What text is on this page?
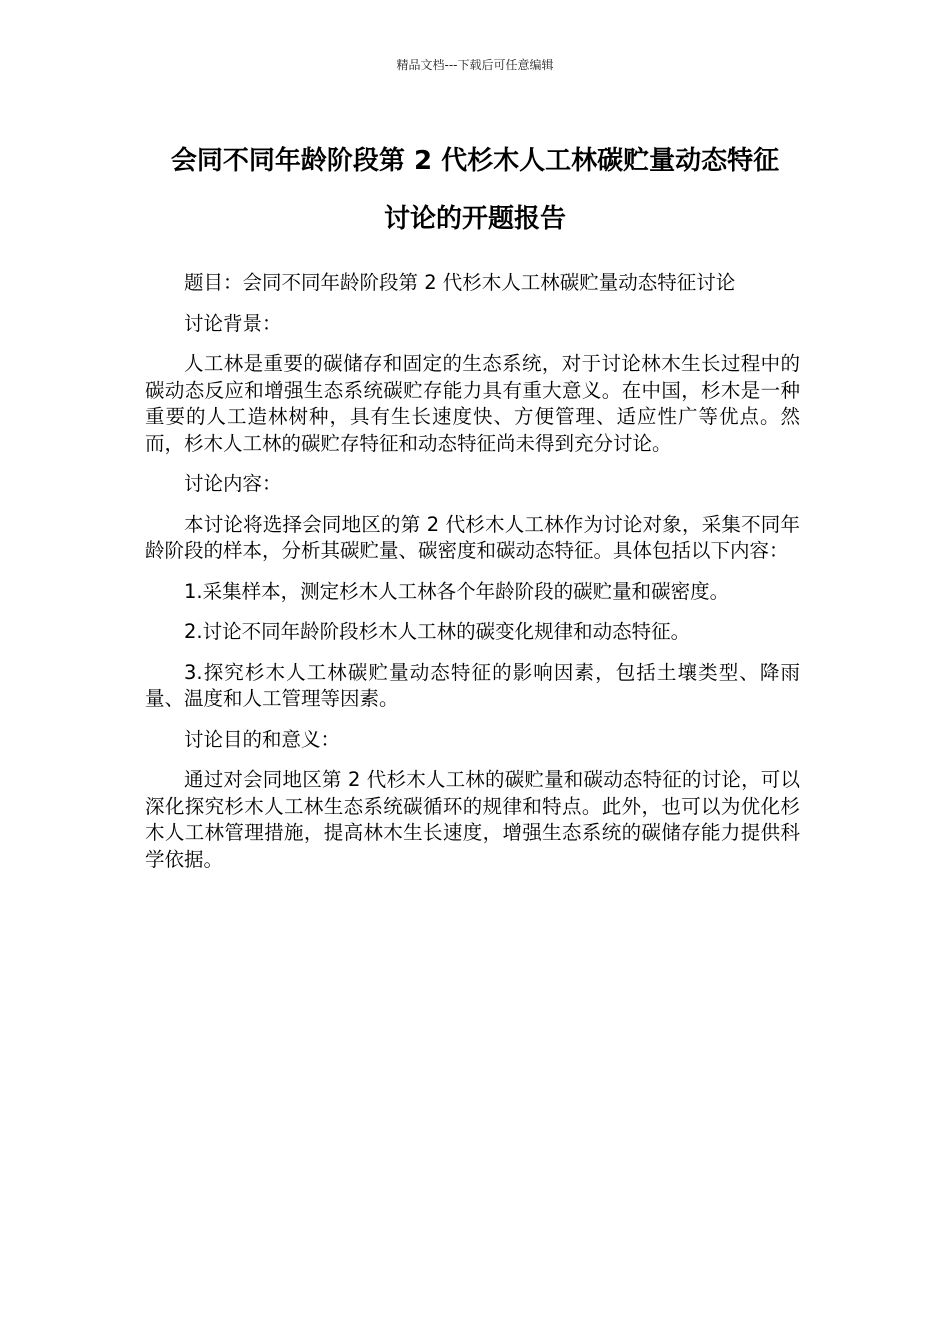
精品文档---下载后可任意编辑
会同不同年龄阶段第 2 代杉木人工林碳贮量动态特征
讨论的开题报告

题目：会同不同年龄阶段第 2 代杉木人工林碳贮量动态特征讨论

讨论背景：

人工林是重要的碳储存和固定的生态系统，对于讨论林木生长过程中的碳动态反应和增强生态系统碳贮存能力具有重大意义。在中国，杉木是一种重要的人工造林树种，具有生长速度快、方便管理、适应性广等优点。然而，杉木人工林的碳贮存特征和动态特征尚未得到充分讨论。

讨论内容：

本讨论将选择会同地区的第 2 代杉木人工林作为讨论对象，采集不同年龄阶段的样本，分析其碳贮量、碳密度和碳动态特征。具体包括以下内容：

1.采集样本，测定杉木人工林各个年龄阶段的碳贮量和碳密度。

2.讨论不同年龄阶段杉木人工林的碳变化规律和动态特征。

3.探究杉木人工林碳贮量动态特征的影响因素，包括土壤类型、降雨量、温度和人工管理等因素。

讨论目的和意义：

通过对会同地区第 2 代杉木人工林的碳贮量和碳动态特征的讨论，可以深化探究杉木人工林生态系统碳循环的规律和特点。此外，也可以为优化杉木人工林管理措施，提高林木生长速度，增强生态系统的碳储存能力提供科学依据。
